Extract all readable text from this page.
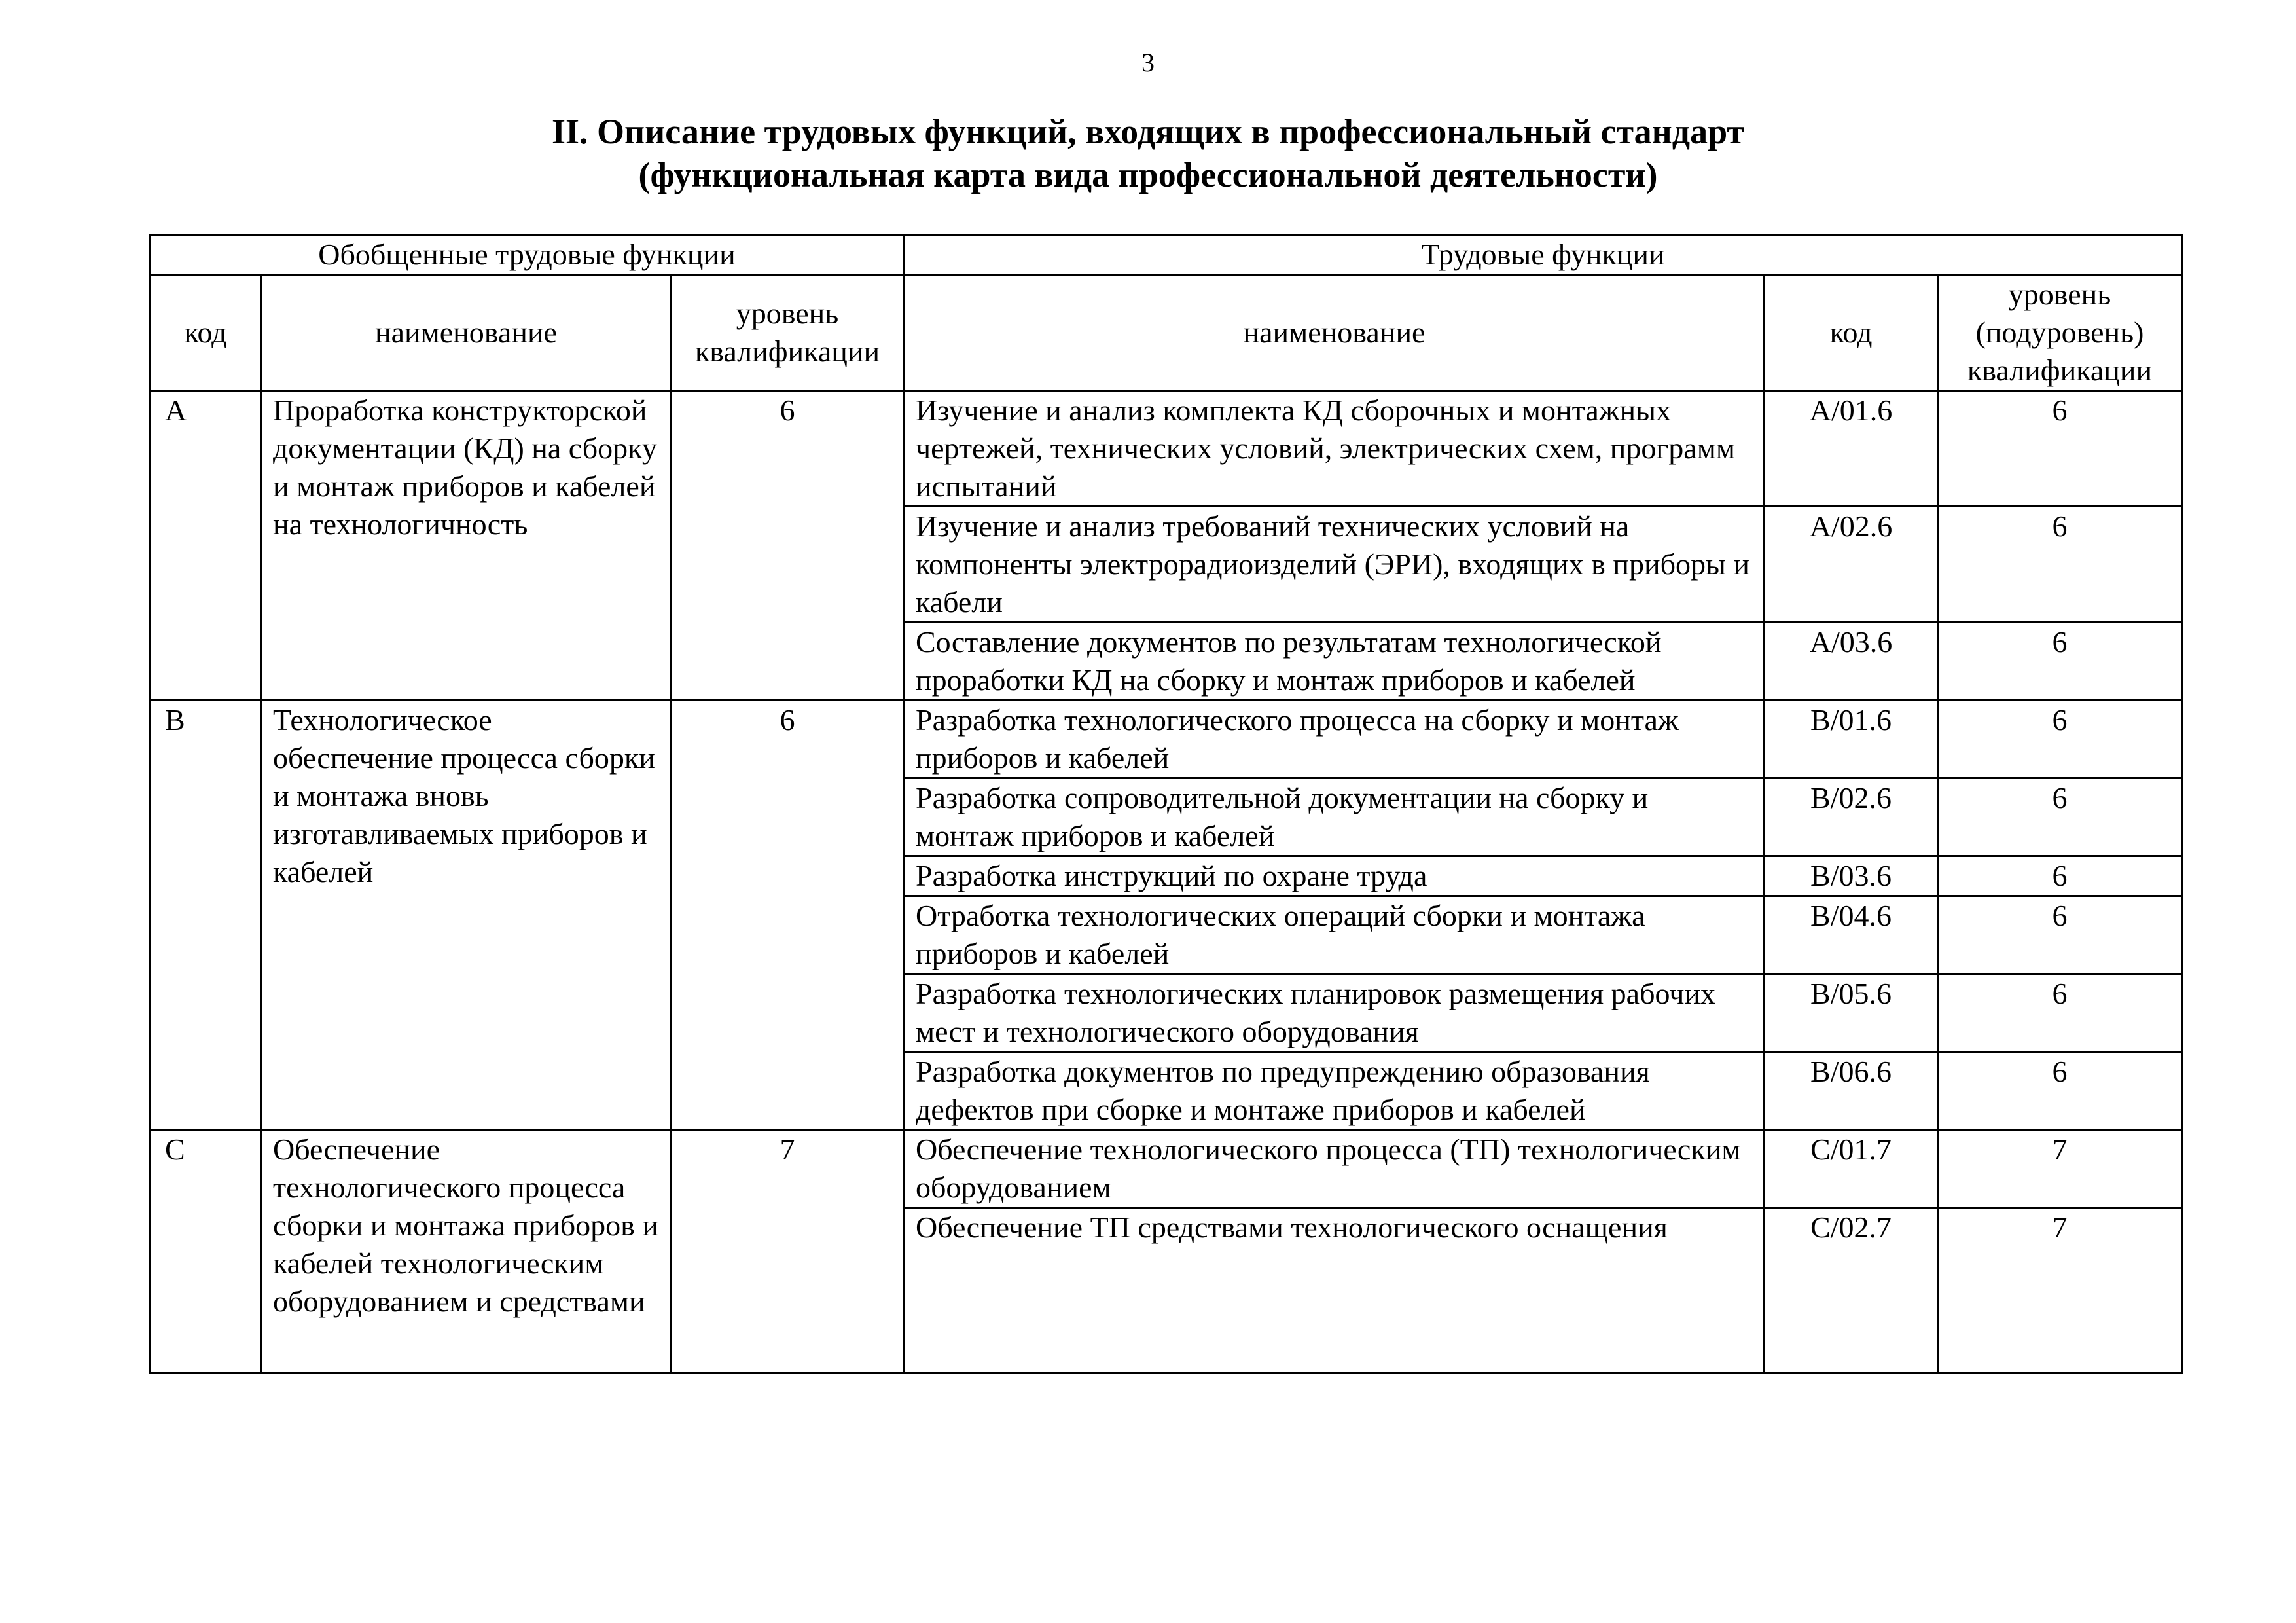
3
II. Описание трудовых функций, входящих в профессиональный стандарт
(функциональная карта вида профессиональной деятельности)
Обобщенные трудовые функции			Трудовые функции		
код	наименование	уровень квалификации	наименование	код	уровень (подуровень) квалификации
А	Проработка конструкторской документации (КД) на сборку и монтаж приборов и кабелей на технологичность	6	Изучение и анализ комплекта КД сборочных и монтажных чертежей, технических условий, электрических схем, программ испытаний	А/01.6	6
			Изучение и анализ требований технических условий на компоненты электрорадиоизделий (ЭРИ), входящих в приборы и кабели	А/02.6	6
			Составление документов по результатам технологической проработки КД на сборку и монтаж приборов и кабелей	А/03.6	6
В	Технологическое обеспечение процесса сборки и монтажа вновь изготавливаемых приборов и кабелей	6	Разработка технологического процесса на сборку и монтаж приборов и кабелей	В/01.6	6
			Разработка сопроводительной документации на сборку и монтаж приборов и кабелей	В/02.6	6
			Разработка инструкций по охране труда	В/03.6	6
			Отработка технологических операций сборки и монтажа приборов и кабелей	В/04.6	6
			Разработка технологических планировок размещения рабочих мест и технологического оборудования	В/05.6	6
			Разработка документов по предупреждению образования дефектов при сборке и монтаже приборов и кабелей	В/06.6	6
С	Обеспечение технологического процесса сборки и монтажа приборов и кабелей технологическим оборудованием и средствами	7	Обеспечение технологического процесса (ТП) технологическим оборудованием	С/01.7	7
			Обеспечение ТП средствами технологического оснащения	С/02.7	7
